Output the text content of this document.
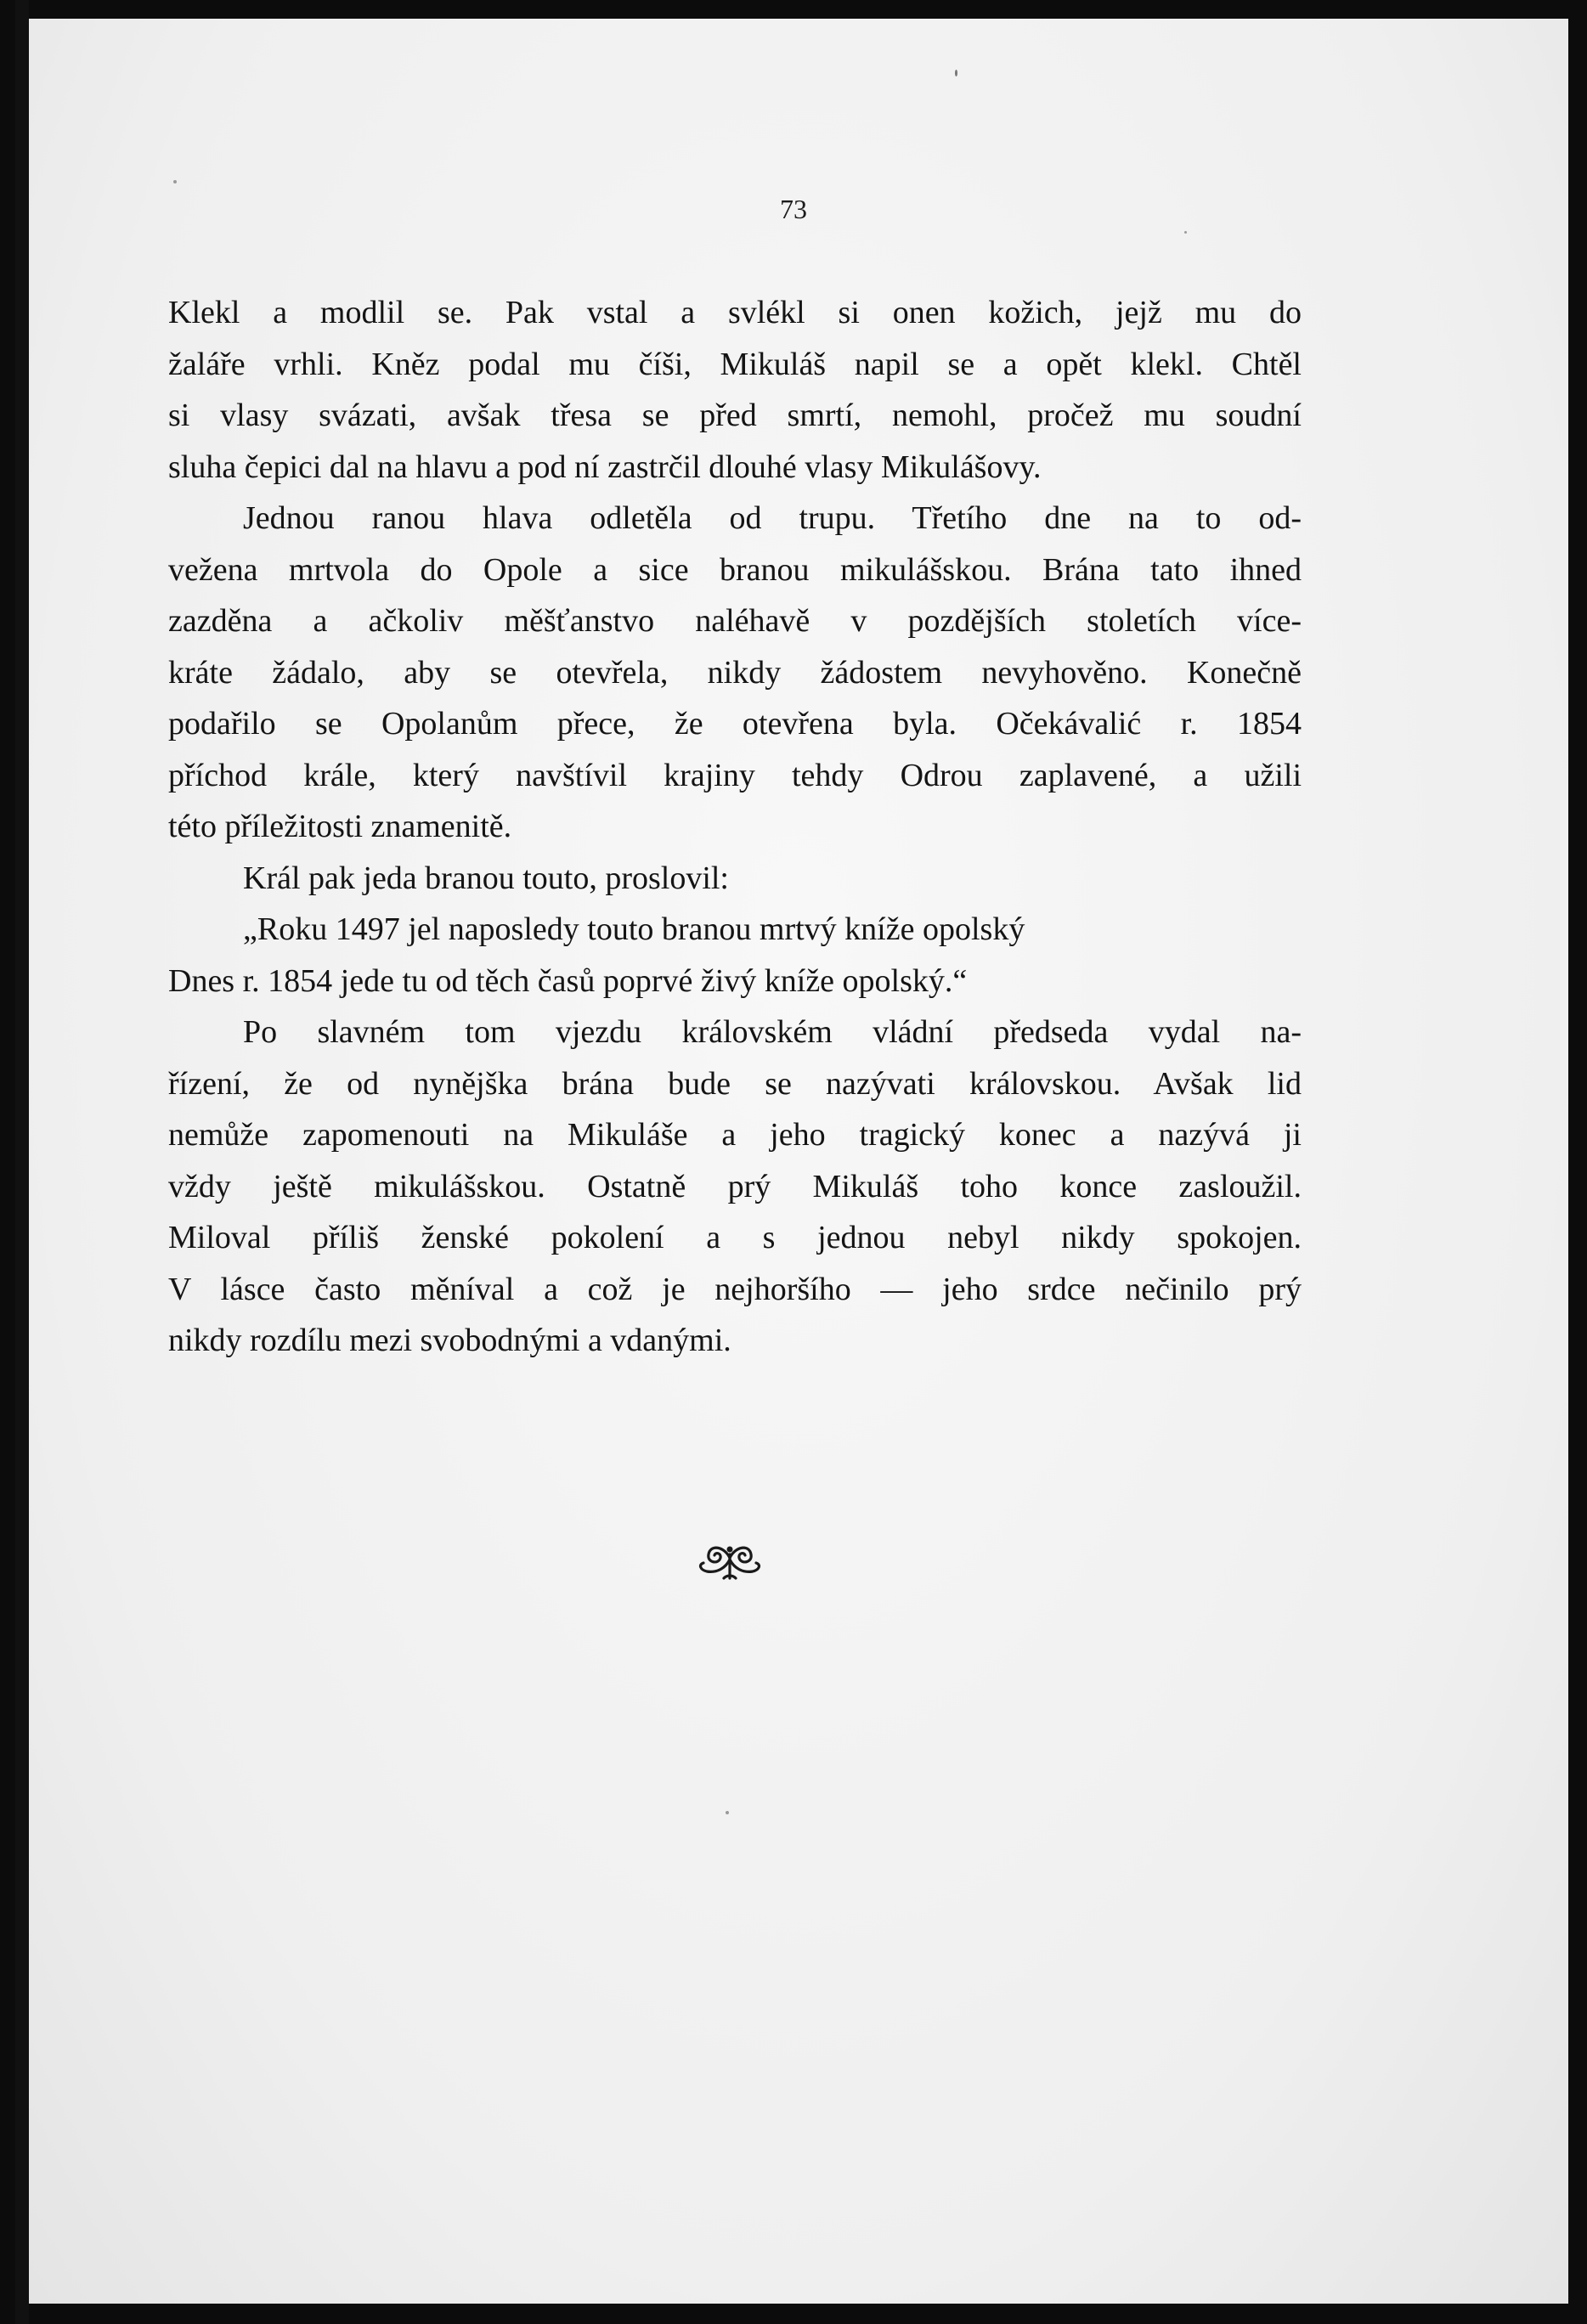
73

Klekl a modlil se. Pak vstal a svlékl si onen kožich, jejž mu do

žaláře vrhli. Kněz podal mu číši, Mikuláš napil se a opět klekl. Chtěl

si vlasy svázati, avšak třesa se před smrtí, nemohl, pročež mu soudní

sluha čepici dal na hlavu a pod ní zastrčil dlouhé vlasy Mikulášovy.

Jednou ranou hlava odletěla od trupu. Třetího dne na to od-

vežena mrtvola do Opole a sice branou mikulášskou. Brána tato ihned

zazděna a ačkoliv měšťanstvo naléhavě v pozdějších stoletích více-

kráte žádalo, aby se otevřela, nikdy žádostem nevyhověno. Konečně

podařilo se Opolanům přece, že otevřena byla. Očekávalić r. 1854

příchod krále, který navštívil krajiny tehdy Odrou zaplavené, a užili

této příležitosti znamenitě.

Král pak jeda branou touto, proslovil:

„Roku 1497 jel naposledy touto branou mrtvý kníže opolský

Dnes r. 1854 jede tu od těch časů poprvé živý kníže opolský.“

Po slavném tom vjezdu královském vládní předseda vydal na-

řízení, že od nynějška brána bude se nazývati královskou. Avšak lid

nemůže zapomenouti na Mikuláše a jeho tragický konec a nazývá ji

vždy ještě mikulášskou. Ostatně prý Mikuláš toho konce zasloužil.

Miloval příliš ženské pokolení a s jednou nebyl nikdy spokojen.

V lásce často měníval a což je nejhoršího — jeho srdce nečinilo prý

nikdy rozdílu mezi svobodnými a vdanými.
